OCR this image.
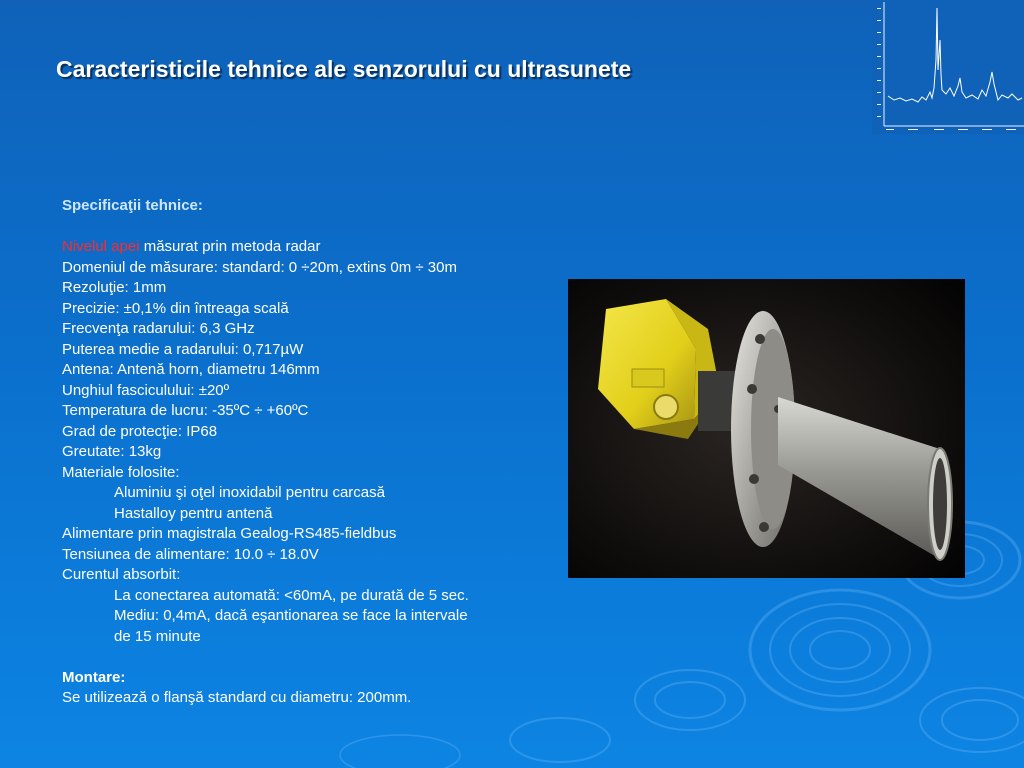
Caracteristicile tehnice ale senzorului cu ultrasunete
Specificaţii tehnice:
Nivelul apei măsurat prin metoda radar
Domeniul de măsurare: standard: 0 ÷20m, extins 0m ÷ 30m
Rezoluţie: 1mm
Precizie: ±0,1% din întreaga scală
Frecvenţa radarului: 6,3 GHz
Puterea medie a radarului: 0,717µW
Antena: Antenă horn, diametru 146mm
Unghiul fasciculului: ±20º
Temperatura de lucru: -35ºC ÷ +60ºC
Grad de protecţie: IP68
Greutate: 13kg
Materiale folosite:
Aluminiu şi oţel inoxidabil pentru carcasă
Hastalloy pentru antenă
Alimentare prin magistrala Gealog-RS485-fieldbus
Tensiunea de alimentare: 10.0 ÷ 18.0V
Curentul absorbit:
La conectarea automată: <60mA, pe durată de 5 sec.
Mediu: 0,4mA, dacă eşantionarea se face la intervale
de 15 minute
Montare:
Se utilizează o flanşă standard cu diametru: 200mm.
